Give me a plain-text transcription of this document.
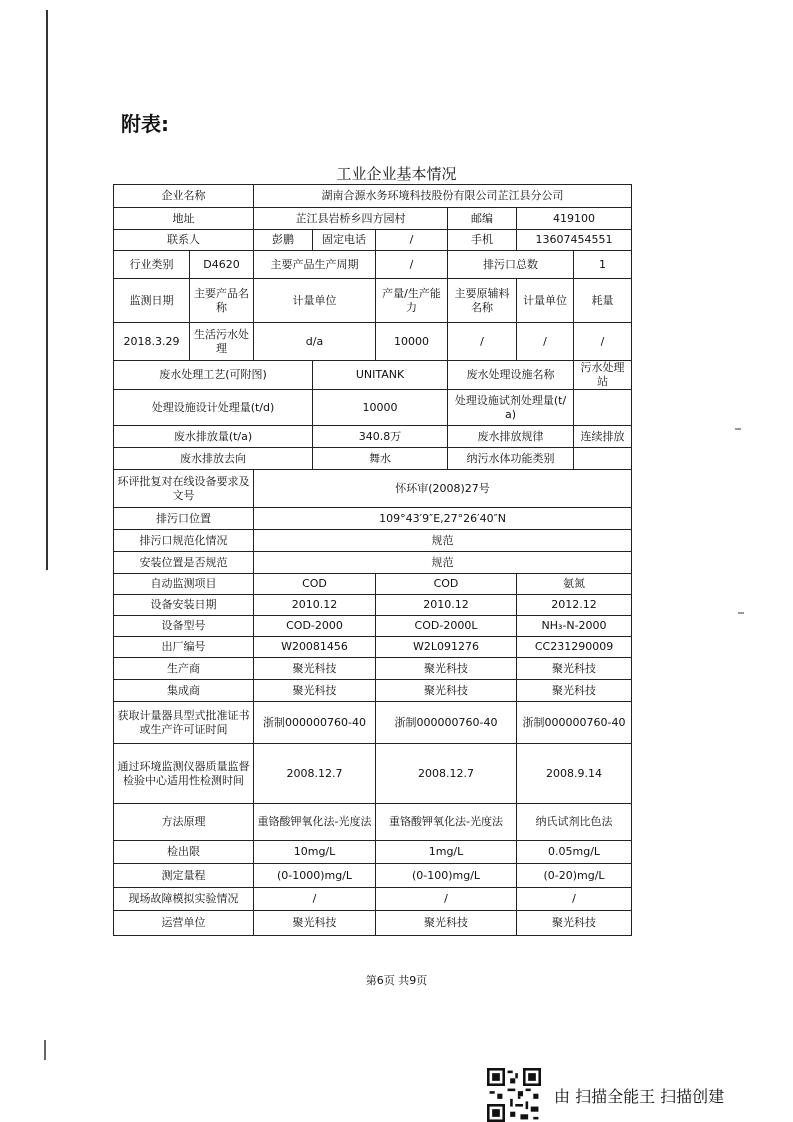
附表:
工业企业基本情况
企业名称		湖南合源水务环境科技股份有限公司芷江县分公司					
地址		芷江县岩桥乡四方园村			邮编	419100	
联系人		彭鹏	固定电话	/	手机	13607454551	
行业类别	D4620	主要产品生产周期		/	排污口总数		1
监测日期	主要产品名称	计量单位		产量/生产能力	主要原辅料名称	计量单位	耗量
2018.3.29	生活污水处理	d/a		10000	/	/	/
废水处理工艺(可附图)			UNITANK		废水处理设施名称		污水处理站
处理设施设计处理量(t/d)			10000		处理设施试剂处理量(t/a)		
废水排放量(t/a)			340.8万		废水排放规律		连续排放
废水排放去向			舞水		纳污水体功能类别		
环评批复对在线设备要求及文号		怀环审(2008)27号					
排污口位置		109°43′9″E,27°26′40″N					
排污口规范化情况		规范					
安装位置是否规范		规范					
自动监测项目		COD		COD		氨氮	
设备安装日期		2010.12		2010.12		2012.12	
设备型号		COD-2000		COD-2000L		NH₃-N-2000	
出厂编号		W20081456		W2L091276		CC231290009	
生产商		聚光科技		聚光科技		聚光科技	
集成商		聚光科技		聚光科技		聚光科技	
获取计量器具型式批准证书或生产许可证时间		浙制000000760-40		浙制000000760-40		浙制000000760-40	
通过环境监测仪器质量监督检验中心适用性检测时间		2008.12.7		2008.12.7		2008.9.14	
方法原理		重铬酸钾氧化法-光度法		重铬酸钾氧化法-光度法		纳氏试剂比色法	
检出限		10mg/L		1mg/L		0.05mg/L	
测定量程		(0-1000)mg/L		(0-100)mg/L		(0-20)mg/L	
现场故障模拟实验情况		/		/		/	
运营单位		聚光科技		聚光科技		聚光科技	
第6页 共9页
由 扫描全能王 扫描创建
